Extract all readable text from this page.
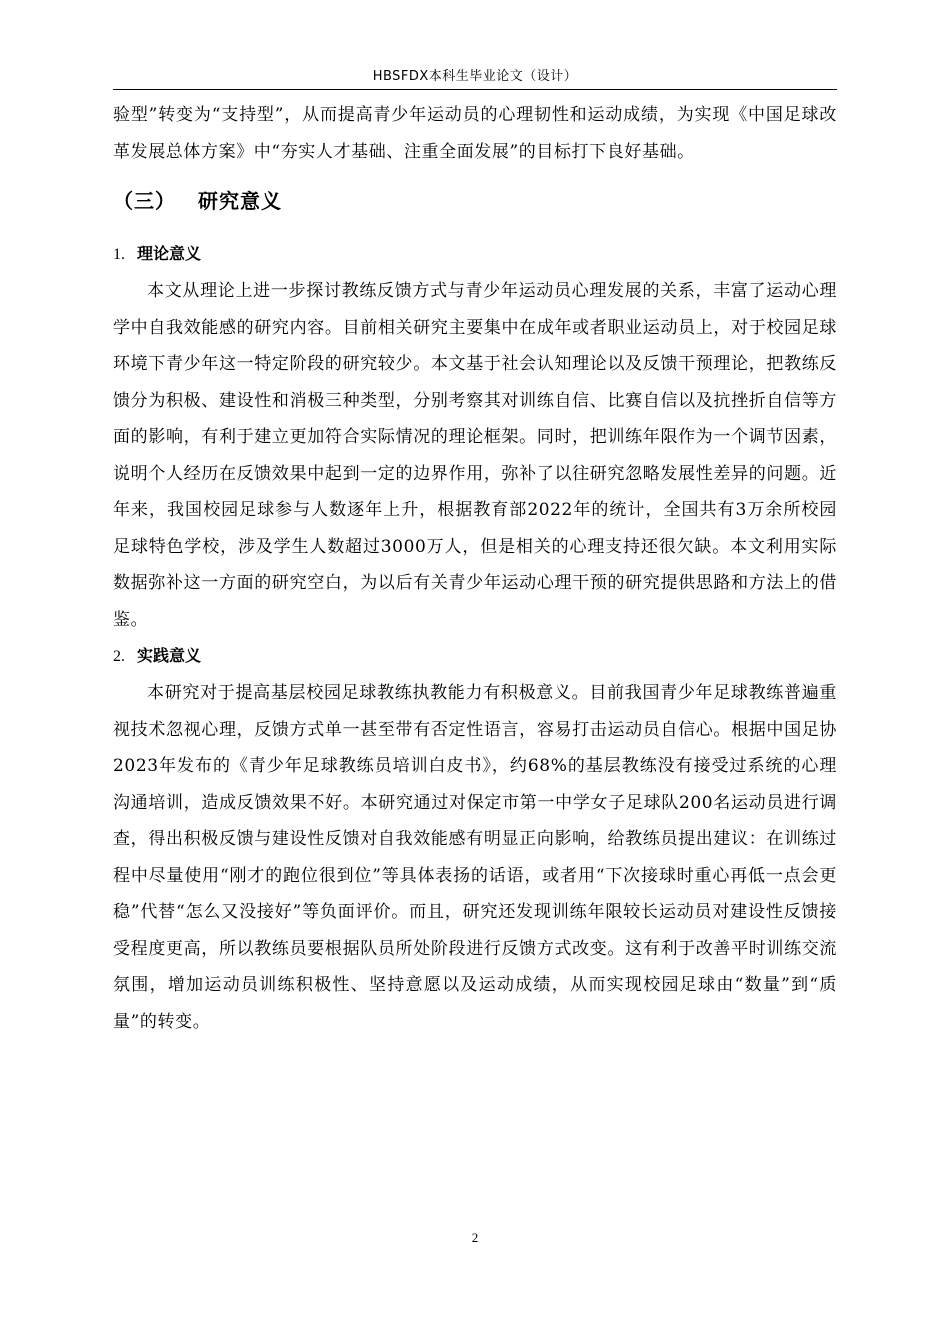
HBSFDX本科生毕业论文（设计）

验型”转变为“支持型”，从而提高青少年运动员的心理韧性和运动成绩，为实现《中国足球改革发展总体方案》中“夯实人才基础、注重全面发展”的目标打下良好基础。

（三） 研究意义
1. 理论意义

本文从理论上进一步探讨教练反馈方式与青少年运动员心理发展的关系，丰富了运动心理学中自我效能感的研究内容。目前相关研究主要集中在成年或者职业运动员上，对于校园足球环境下青少年这一特定阶段的研究较少。本文基于社会认知理论以及反馈干预理论，把教练反馈分为积极、建设性和消极三种类型，分别考察其对训练自信、比赛自信以及抗挫折自信等方面的影响，有利于建立更加符合实际情况的理论框架。同时，把训练年限作为一个调节因素，说明个人经历在反馈效果中起到一定的边界作用，弥补了以往研究忽略发展性差异的问题。近年来，我国校园足球参与人数逐年上升，根据教育部2022年的统计，全国共有3万余所校园足球特色学校，涉及学生人数超过3000万人，但是相关的心理支持还很欠缺。本文利用实际数据弥补这一方面的研究空白，为以后有关青少年运动心理干预的研究提供思路和方法上的借鉴。

2. 实践意义

本研究对于提高基层校园足球教练执教能力有积极意义。目前我国青少年足球教练普遍重视技术忽视心理，反馈方式单一甚至带有否定性语言，容易打击运动员自信心。根据中国足协2023年发布的《青少年足球教练员培训白皮书》，约68%的基层教练没有接受过系统的心理沟通培训，造成反馈效果不好。本研究通过对保定市第一中学女子足球队200名运动员进行调查，得出积极反馈与建设性反馈对自我效能感有明显正向影响，给教练员提出建议：在训练过程中尽量使用“刚才的跑位很到位”等具体表扬的话语，或者用“下次接球时重心再低一点会更稳”代替“怎么又没接好”等负面评价。而且，研究还发现训练年限较长运动员对建设性反馈接受程度更高，所以教练员要根据队员所处阶段进行反馈方式改变。这有利于改善平时训练交流氛围，增加运动员训练积极性、坚持意愿以及运动成绩，从而实现校园足球由“数量”到“质量”的转变。

2
